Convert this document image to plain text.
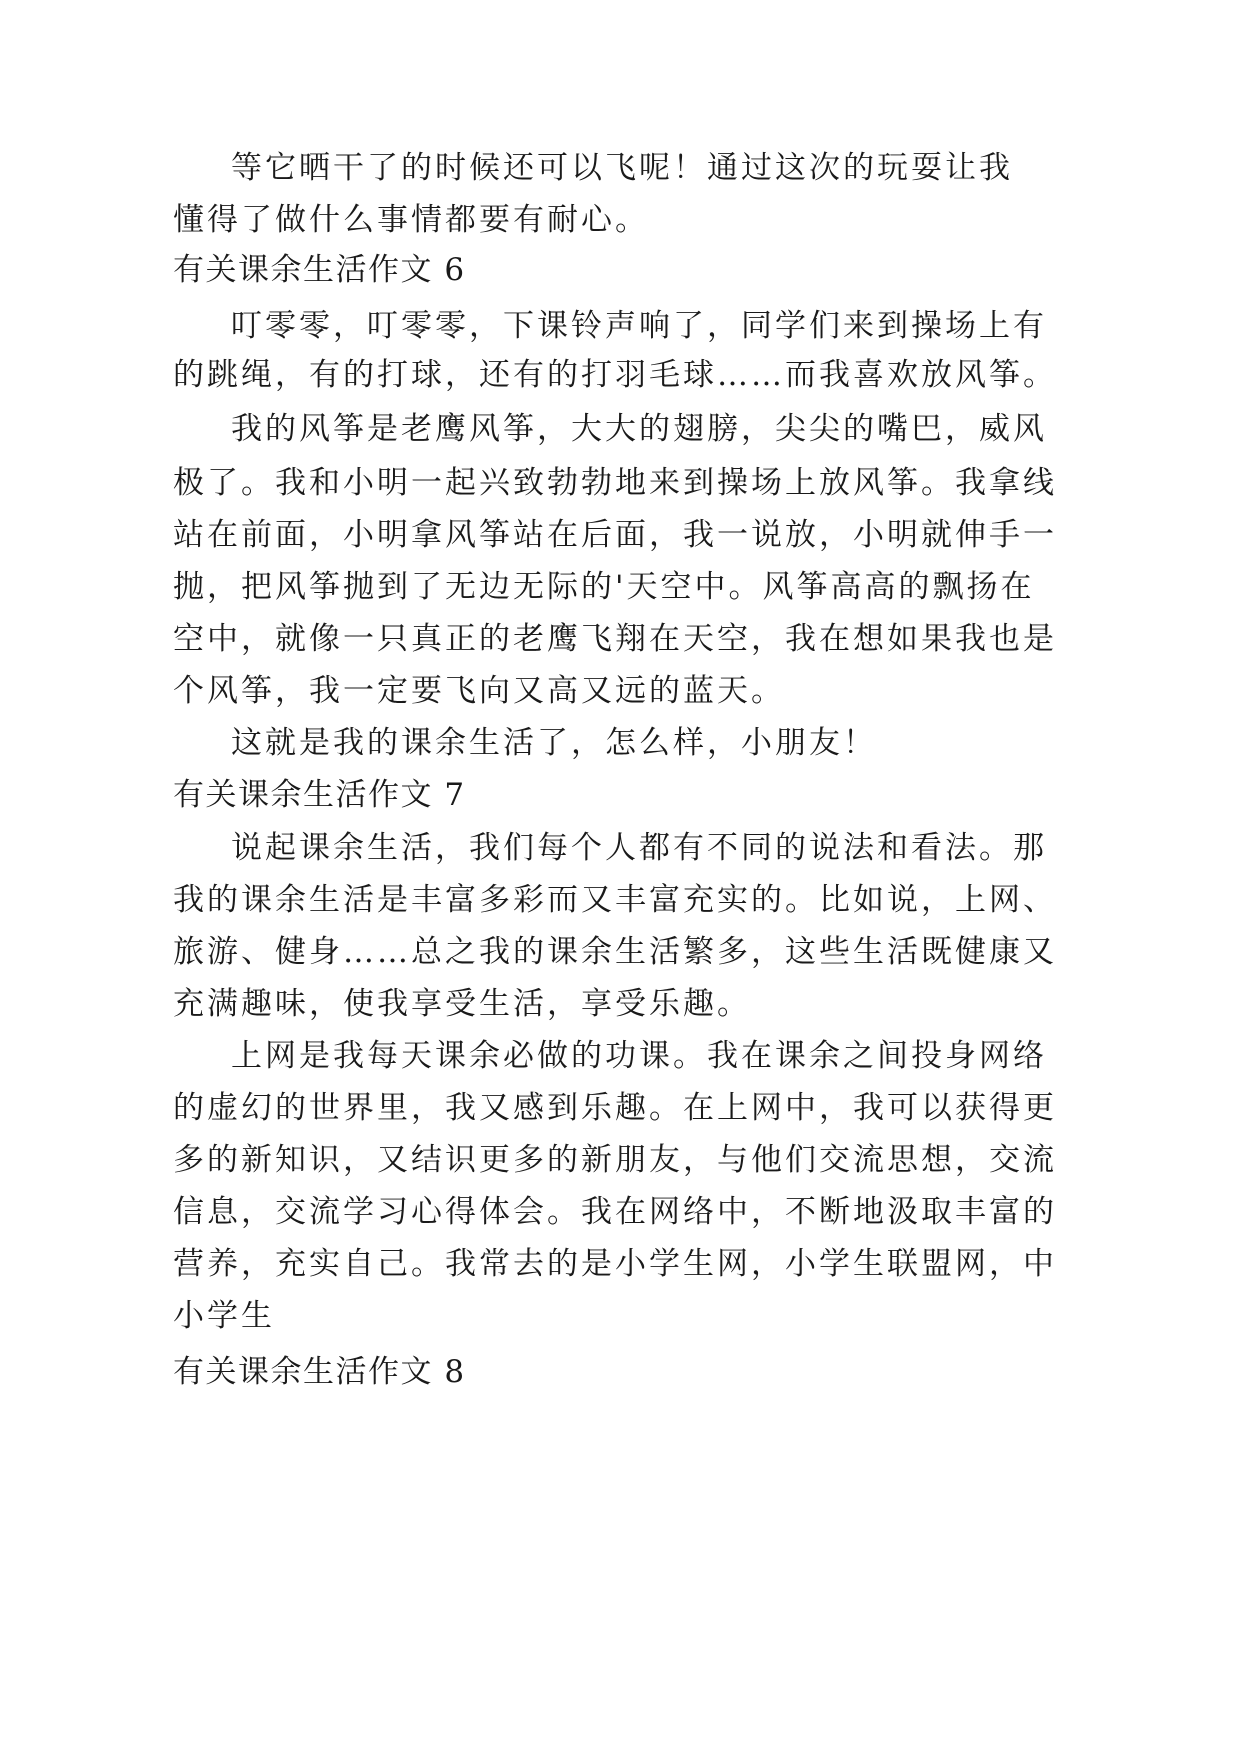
等它晒干了的时候还可以飞呢！通过这次的玩耍让我
懂得了做什么事情都要有耐心。
有关课余生活作文 6
叮零零，叮零零，下课铃声响了，同学们来到操场上有
的跳绳，有的打球，还有的打羽毛球……而我喜欢放风筝。
我的风筝是老鹰风筝，大大的翅膀，尖尖的嘴巴，威风
极了。我和小明一起兴致勃勃地来到操场上放风筝。我拿线
站在前面，小明拿风筝站在后面，我一说放，小明就伸手一
抛，把风筝抛到了无边无际的'天空中。风筝高高的飘扬在
空中，就像一只真正的老鹰飞翔在天空，我在想如果我也是
个风筝，我一定要飞向又高又远的蓝天。
这就是我的课余生活了，怎么样，小朋友！
有关课余生活作文 7
说起课余生活，我们每个人都有不同的说法和看法。那
我的课余生活是丰富多彩而又丰富充实的。比如说，上网、
旅游、健身……总之我的课余生活繁多，这些生活既健康又
充满趣味，使我享受生活，享受乐趣。
上网是我每天课余必做的功课。我在课余之间投身网络
的虚幻的世界里，我又感到乐趣。在上网中，我可以获得更
多的新知识，又结识更多的新朋友，与他们交流思想，交流
信息，交流学习心得体会。我在网络中，不断地汲取丰富的
营养，充实自己。我常去的是小学生网，小学生联盟网，中
小学生
有关课余生活作文 8
